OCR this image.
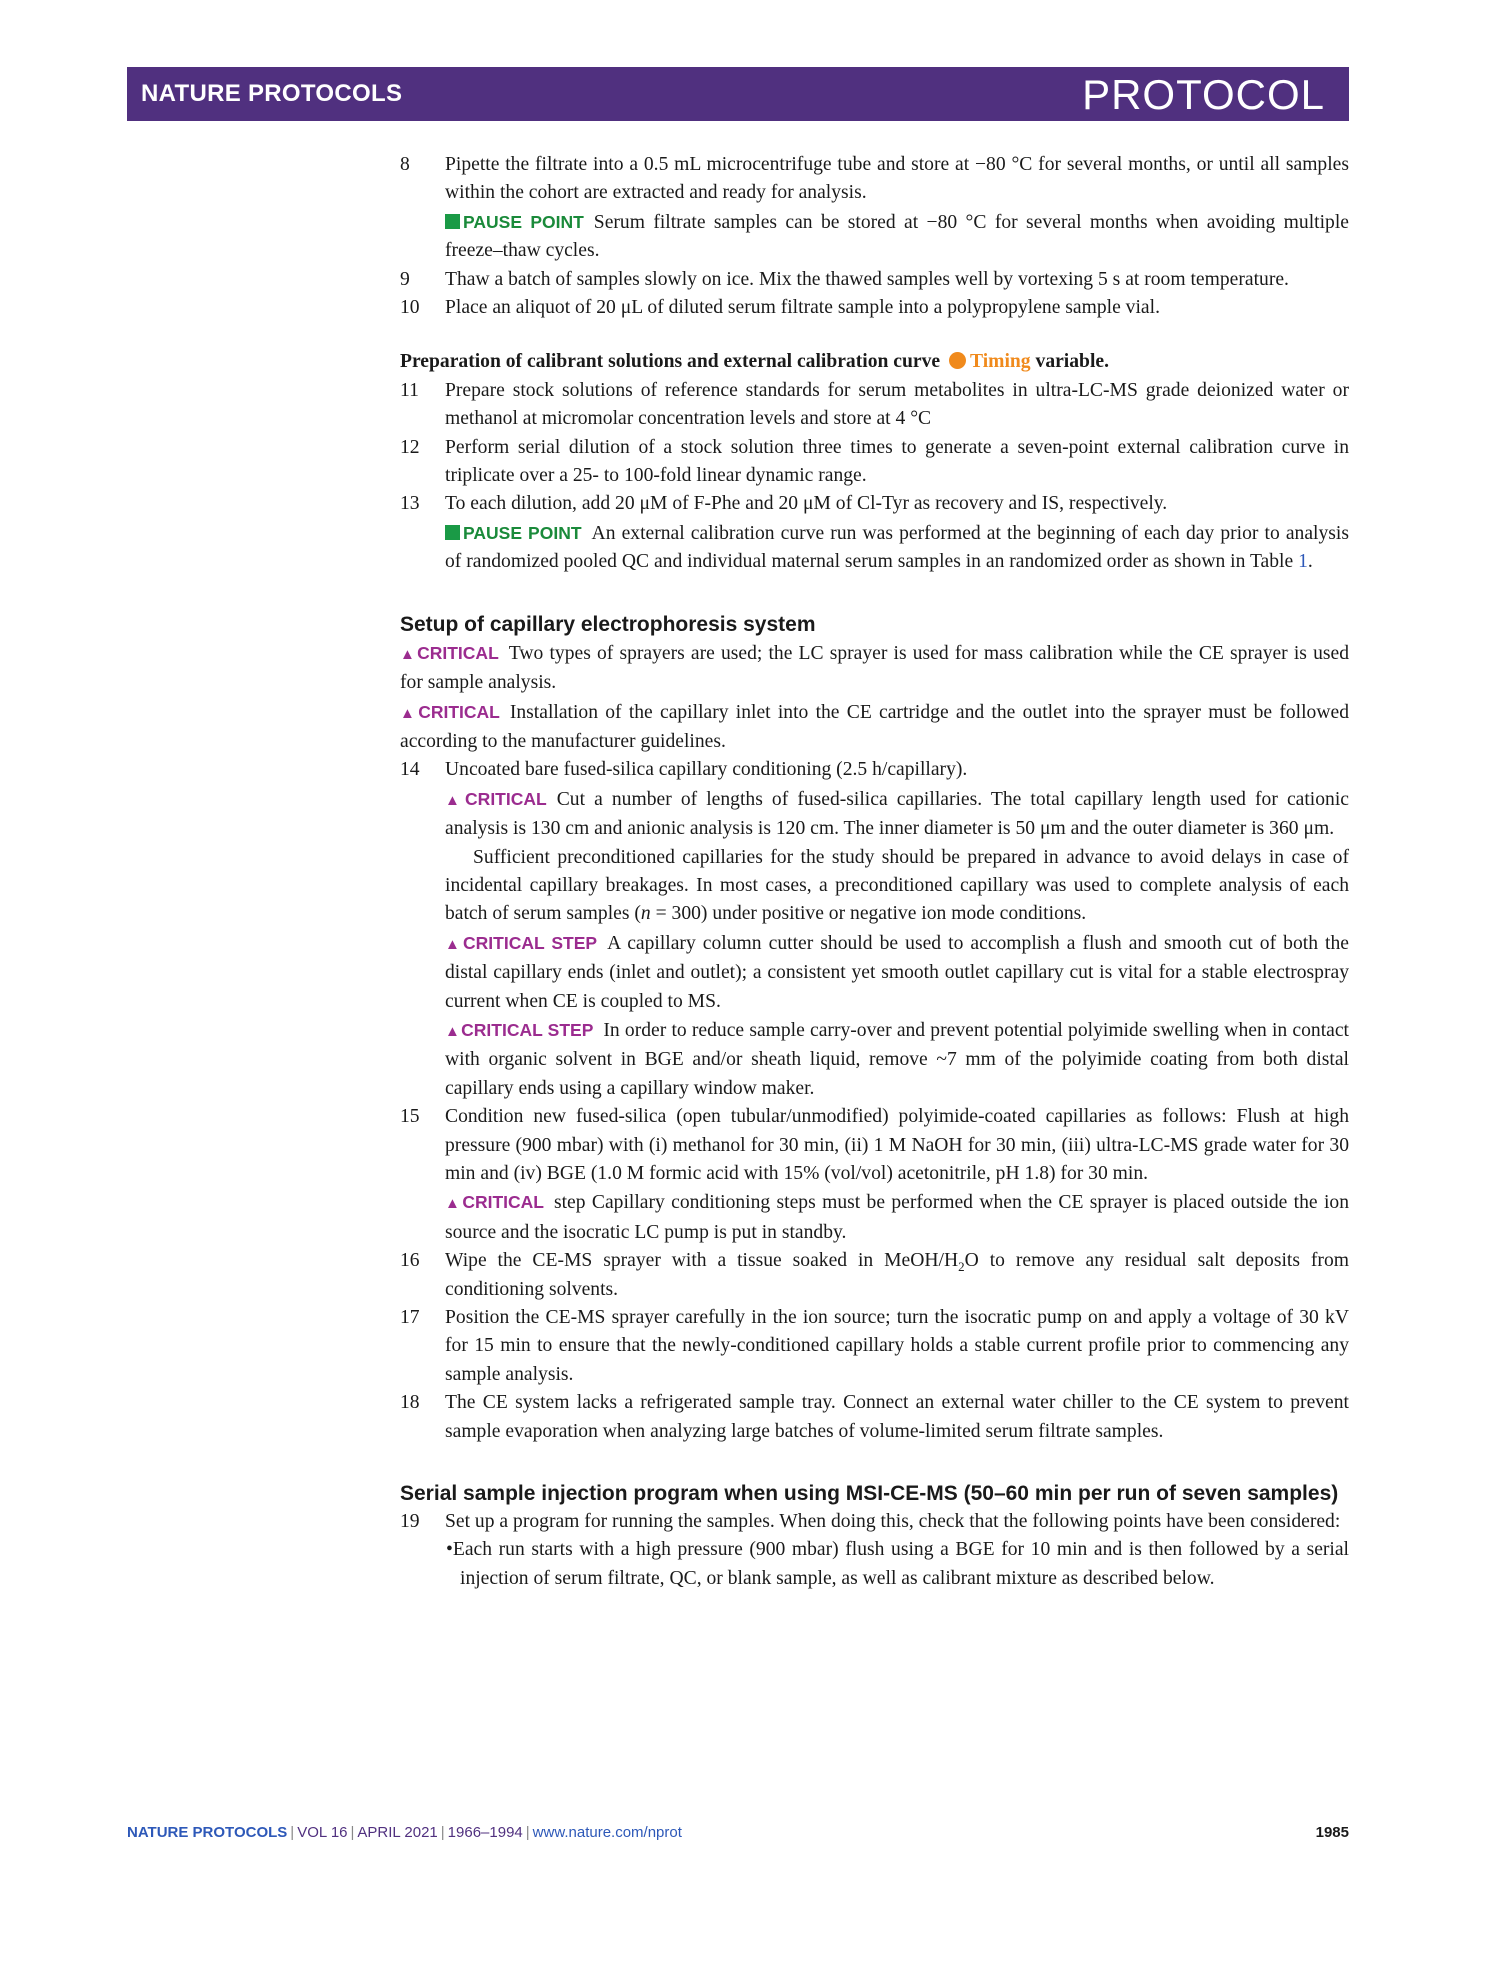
NATURE PROTOCOLS	PROTOCOL
8 Pipette the filtrate into a 0.5 mL microcentrifuge tube and store at −80 °C for several months, or until all samples within the cohort are extracted and ready for analysis.
PAUSE POINT Serum filtrate samples can be stored at −80 °C for several months when avoiding multiple freeze–thaw cycles.
9 Thaw a batch of samples slowly on ice. Mix the thawed samples well by vortexing 5 s at room temperature.
10 Place an aliquot of 20 μL of diluted serum filtrate sample into a polypropylene sample vial.
Preparation of calibrant solutions and external calibration curve Timing variable.
11 Prepare stock solutions of reference standards for serum metabolites in ultra-LC-MS grade deionized water or methanol at micromolar concentration levels and store at 4 °C
12 Perform serial dilution of a stock solution three times to generate a seven-point external calibration curve in triplicate over a 25- to 100-fold linear dynamic range.
13 To each dilution, add 20 μM of F-Phe and 20 μM of Cl-Tyr as recovery and IS, respectively.
PAUSE POINT An external calibration curve run was performed at the beginning of each day prior to analysis of randomized pooled QC and individual maternal serum samples in an randomized order as shown in Table 1.
Setup of capillary electrophoresis system
▲CRITICAL Two types of sprayers are used; the LC sprayer is used for mass calibration while the CE sprayer is used for sample analysis.
▲CRITICAL Installation of the capillary inlet into the CE cartridge and the outlet into the sprayer must be followed according to the manufacturer guidelines.
14 Uncoated bare fused-silica capillary conditioning (2.5 h/capillary).
▲CRITICAL Cut a number of lengths of fused-silica capillaries. The total capillary length used for cationic analysis is 130 cm and anionic analysis is 120 cm. The inner diameter is 50 μm and the outer diameter is 360 μm.
Sufficient preconditioned capillaries for the study should be prepared in advance to avoid delays in case of incidental capillary breakages. In most cases, a preconditioned capillary was used to complete analysis of each batch of serum samples (n = 300) under positive or negative ion mode conditions.
▲CRITICAL STEP A capillary column cutter should be used to accomplish a flush and smooth cut of both the distal capillary ends (inlet and outlet); a consistent yet smooth outlet capillary cut is vital for a stable electrospray current when CE is coupled to MS.
▲CRITICAL STEP In order to reduce sample carry-over and prevent potential polyimide swelling when in contact with organic solvent in BGE and/or sheath liquid, remove ~7 mm of the polyimide coating from both distal capillary ends using a capillary window maker.
15 Condition new fused-silica (open tubular/unmodified) polyimide-coated capillaries as follows: Flush at high pressure (900 mbar) with (i) methanol for 30 min, (ii) 1 M NaOH for 30 min, (iii) ultra-LC-MS grade water for 30 min and (iv) BGE (1.0 M formic acid with 15% (vol/vol) acetonitrile, pH 1.8) for 30 min.
▲CRITICAL step Capillary conditioning steps must be performed when the CE sprayer is placed outside the ion source and the isocratic LC pump is put in standby.
16 Wipe the CE-MS sprayer with a tissue soaked in MeOH/$H_2O$ to remove any residual salt deposits from conditioning solvents.
17 Position the CE-MS sprayer carefully in the ion source; turn the isocratic pump on and apply a voltage of 30 kV for 15 min to ensure that the newly-conditioned capillary holds a stable current profile prior to commencing any sample analysis.
18 The CE system lacks a refrigerated sample tray. Connect an external water chiller to the CE system to prevent sample evaporation when analyzing large batches of volume-limited serum filtrate samples.
Serial sample injection program when using MSI-CE-MS (50–60 min per run of seven samples)
19 Set up a program for running the samples. When doing this, check that the following points have been considered:
•Each run starts with a high pressure (900 mbar) flush using a BGE for 10 min and is then followed by a serial injection of serum filtrate, QC, or blank sample, as well as calibrant mixture as described below.
NATURE PROTOCOLS | VOL 16 | APRIL 2021 | 1966–1994 | www.nature.com/nprot	1985
